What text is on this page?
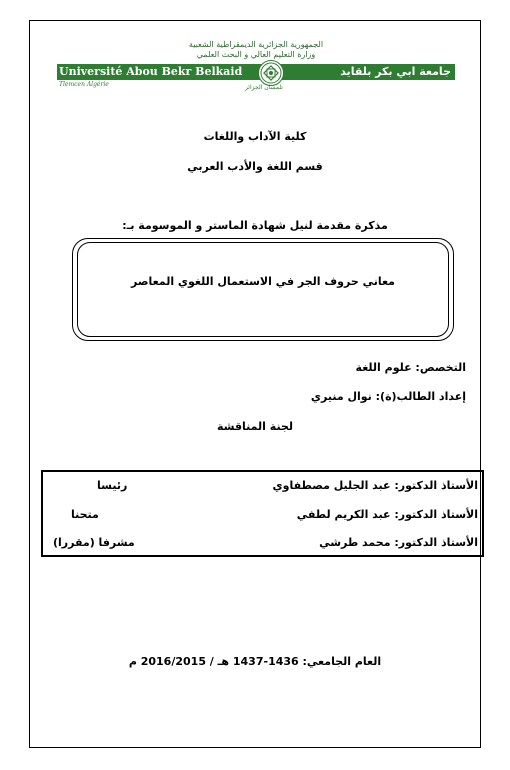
الجمهورية الجزائرية الديمقراطية الشعبية
وزارة التعليم العالي و البحث العلمي
Université Abou Bekr Belkaid	جامعة ابي بكر بلقايد
Tlemcen Algérie	تلمسان الجزائر
كلية الآداب واللغات
قسم اللغة والأدب العربي
مذكرة مقدمة لنيل شهادة الماستر و الموسومة بـ:
معاني حروف الجر في الاستعمال اللغوي المعاصر
التخصص: علوم اللغة
إعداد الطالب(ة): نوال منيري
لجنة المناقشة
الأستاذ الدكتور: عبد الجليل مصطفاوي
رئيسا
الأستاذ الدكتور: عبد الكريم لطفي
متحنا
الأستاذ الدكتور: محمد طرشي
مشرفا (مقررا)
العام الجامعي: 1436-1437 هـ / 2016/2015 م
